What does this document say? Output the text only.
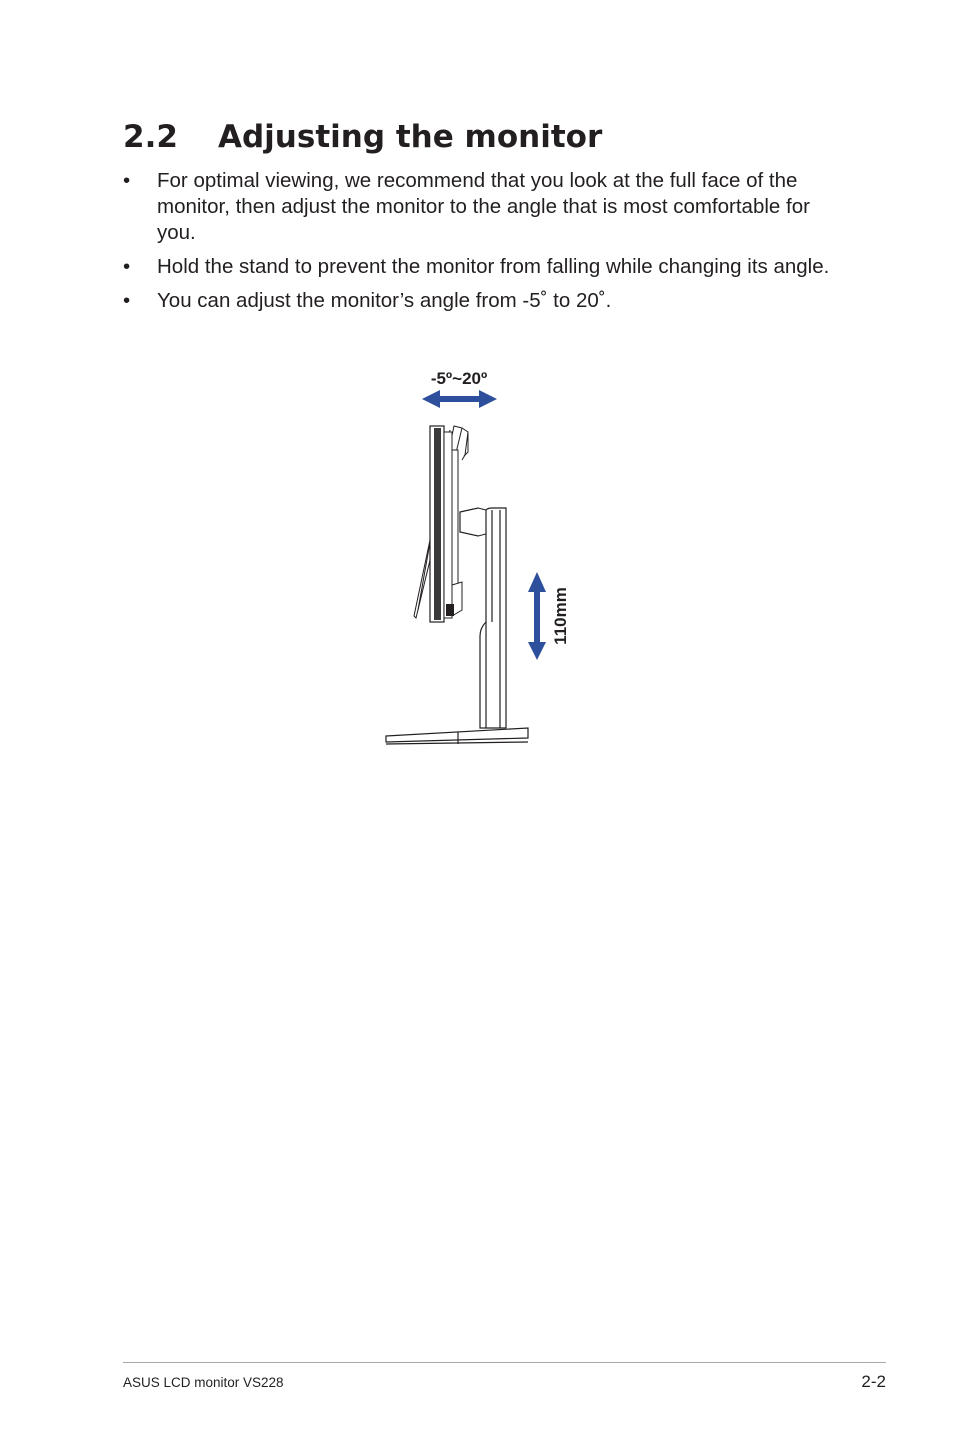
2.2 Adjusting the monitor
• For optimal viewing, we recommend that you look at the full face of the monitor, then adjust the monitor to the angle that is most comfortable for you.
• Hold the stand to prevent the monitor from falling while changing its angle.
• You can adjust the monitor’s angle from -5˚ to 20˚.
-5º~20º
110mm
ASUS LCD monitor VS228	2-2
